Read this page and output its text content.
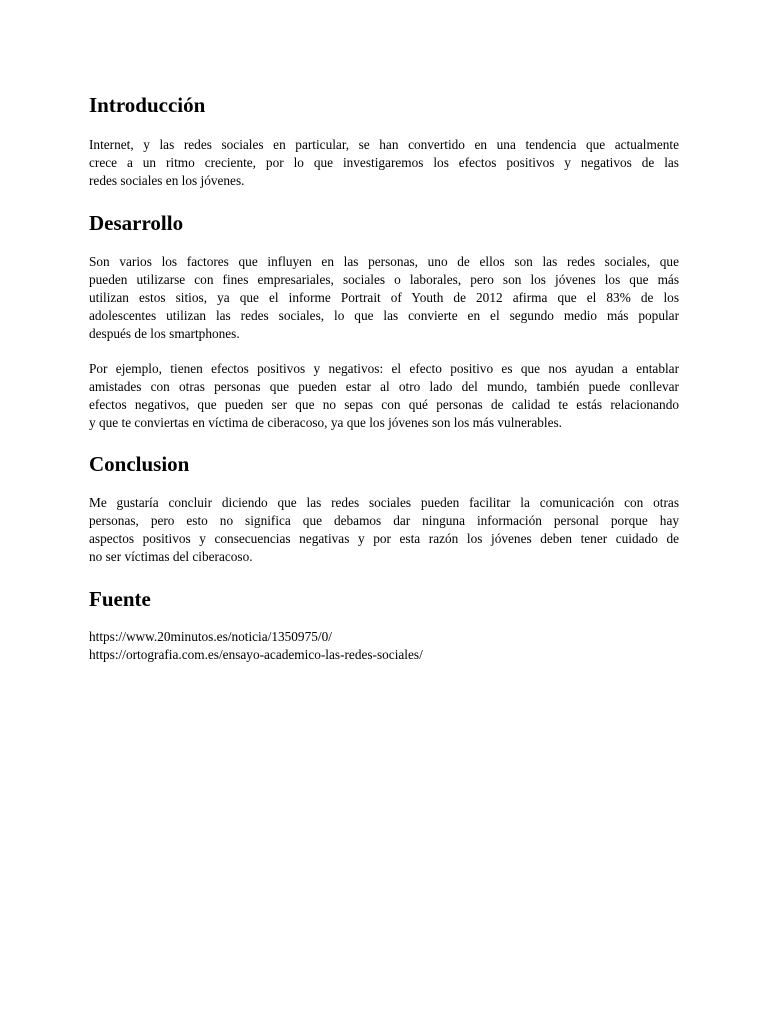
Introducción

Internet, y las redes sociales en particular, se han convertido en una tendencia que actualmente
crece a un ritmo creciente, por lo que investigaremos los efectos positivos y negativos de las
redes sociales en los jóvenes.

Desarrollo

Son varios los factores que influyen en las personas, uno de ellos son las redes sociales, que
pueden utilizarse con fines empresariales, sociales o laborales, pero son los jóvenes los que más
utilizan estos sitios, ya que el informe Portrait of Youth de 2012 afirma que el 83% de los
adolescentes utilizan las redes sociales, lo que las convierte en el segundo medio más popular
después de los smartphones.

Por ejemplo, tienen efectos positivos y negativos: el efecto positivo es que nos ayudan a entablar
amistades con otras personas que pueden estar al otro lado del mundo, también puede conllevar
efectos negativos, que pueden ser que no sepas con qué personas de calidad te estás relacionando
y que te conviertas en víctima de ciberacoso, ya que los jóvenes son los más vulnerables.

Conclusion

Me gustaría concluir diciendo que las redes sociales pueden facilitar la comunicación con otras
personas, pero esto no significa que debamos dar ninguna información personal porque hay
aspectos positivos y consecuencias negativas y por esta razón los jóvenes deben tener cuidado de
no ser víctimas del ciberacoso.

Fuente

https://www.20minutos.es/noticia/1350975/0/
https://ortografia.com.es/ensayo-academico-las-redes-sociales/
